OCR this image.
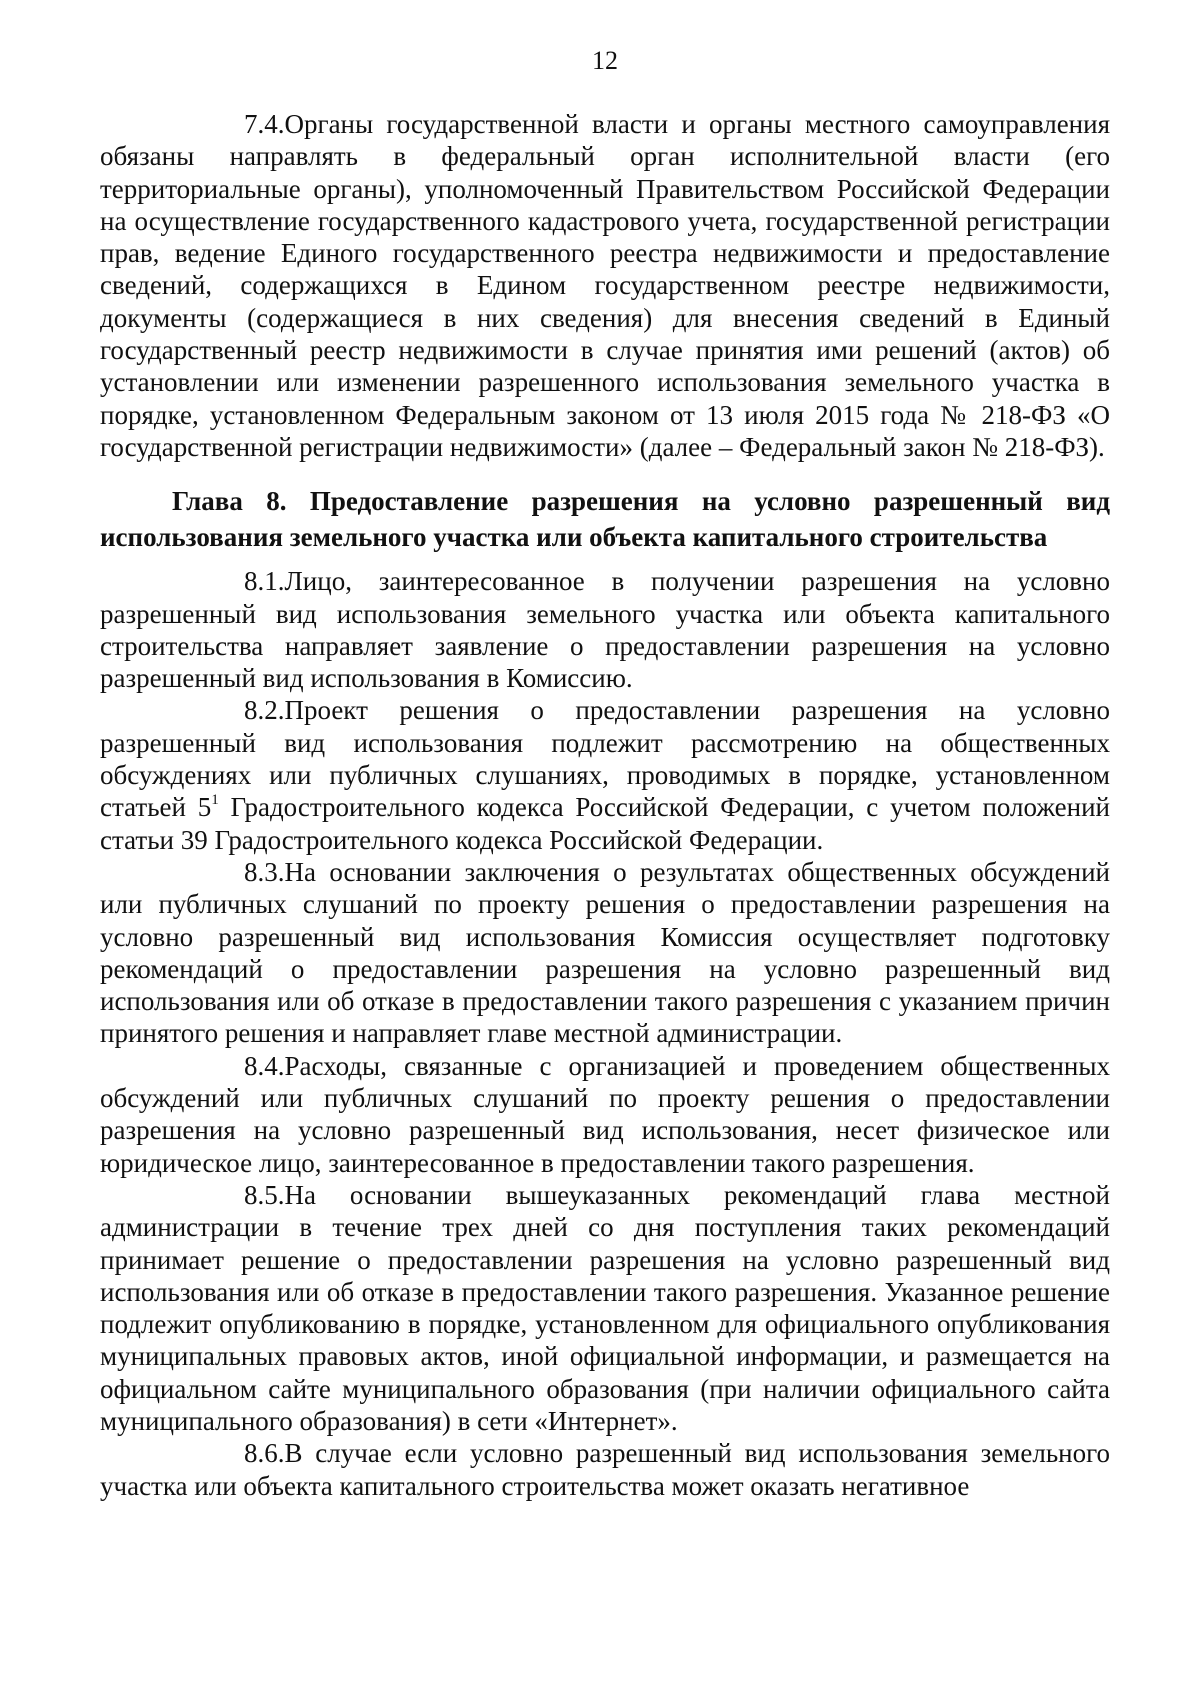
12

7.4.Органы государственной власти и органы местного самоуправления обязаны направлять в федеральный орган исполнительной власти (его территориальные органы), уполномоченный Правительством Российской Федерации на осуществление государственного кадастрового учета, государственной регистрации прав, ведение Единого государственного реестра недвижимости и предоставление сведений, содержащихся в Едином государственном реестре недвижимости, документы (содержащиеся в них сведения) для внесения сведений в Единый государственный реестр недвижимости в случае принятия ими решений (актов) об установлении или изменении разрешенного использования земельного участка в порядке, установленном Федеральным законом от 13 июля 2015 года № 218-ФЗ «О государственной регистрации недвижимости» (далее – Федеральный закон № 218-ФЗ).

Глава 8. Предоставление разрешения на условно разрешенный вид использования земельного участка или объекта капитального строительства

8.1.Лицо, заинтересованное в получении разрешения на условно разрешенный вид использования земельного участка или объекта капитального строительства направляет заявление о предоставлении разрешения на условно разрешенный вид использования в Комиссию.

8.2.Проект решения о предоставлении разрешения на условно разрешенный вид использования подлежит рассмотрению на общественных обсуждениях или публичных слушаниях, проводимых в порядке, установленном статьей $5^1$ Градостроительного кодекса Российской Федерации, с учетом положений статьи 39 Градостроительного кодекса Российской Федерации.

8.3.На основании заключения о результатах общественных обсуждений или публичных слушаний по проекту решения о предоставлении разрешения на условно разрешенный вид использования Комиссия осуществляет подготовку рекомендаций о предоставлении разрешения на условно разрешенный вид использования или об отказе в предоставлении такого разрешения с указанием причин принятого решения и направляет главе местной администрации.

8.4.Расходы, связанные с организацией и проведением общественных обсуждений или публичных слушаний по проекту решения о предоставлении разрешения на условно разрешенный вид использования, несет физическое или юридическое лицо, заинтересованное в предоставлении такого разрешения.

8.5.На основании вышеуказанных рекомендаций глава местной администрации в течение трех дней со дня поступления таких рекомендаций принимает решение о предоставлении разрешения на условно разрешенный вид использования или об отказе в предоставлении такого разрешения. Указанное решение подлежит опубликованию в порядке, установленном для официального опубликования муниципальных правовых актов, иной официальной информации, и размещается на официальном сайте муниципального образования (при наличии официального сайта муниципального образования) в сети «Интернет».

8.6.В случае если условно разрешенный вид использования земельного участка или объекта капитального строительства может оказать негативное
